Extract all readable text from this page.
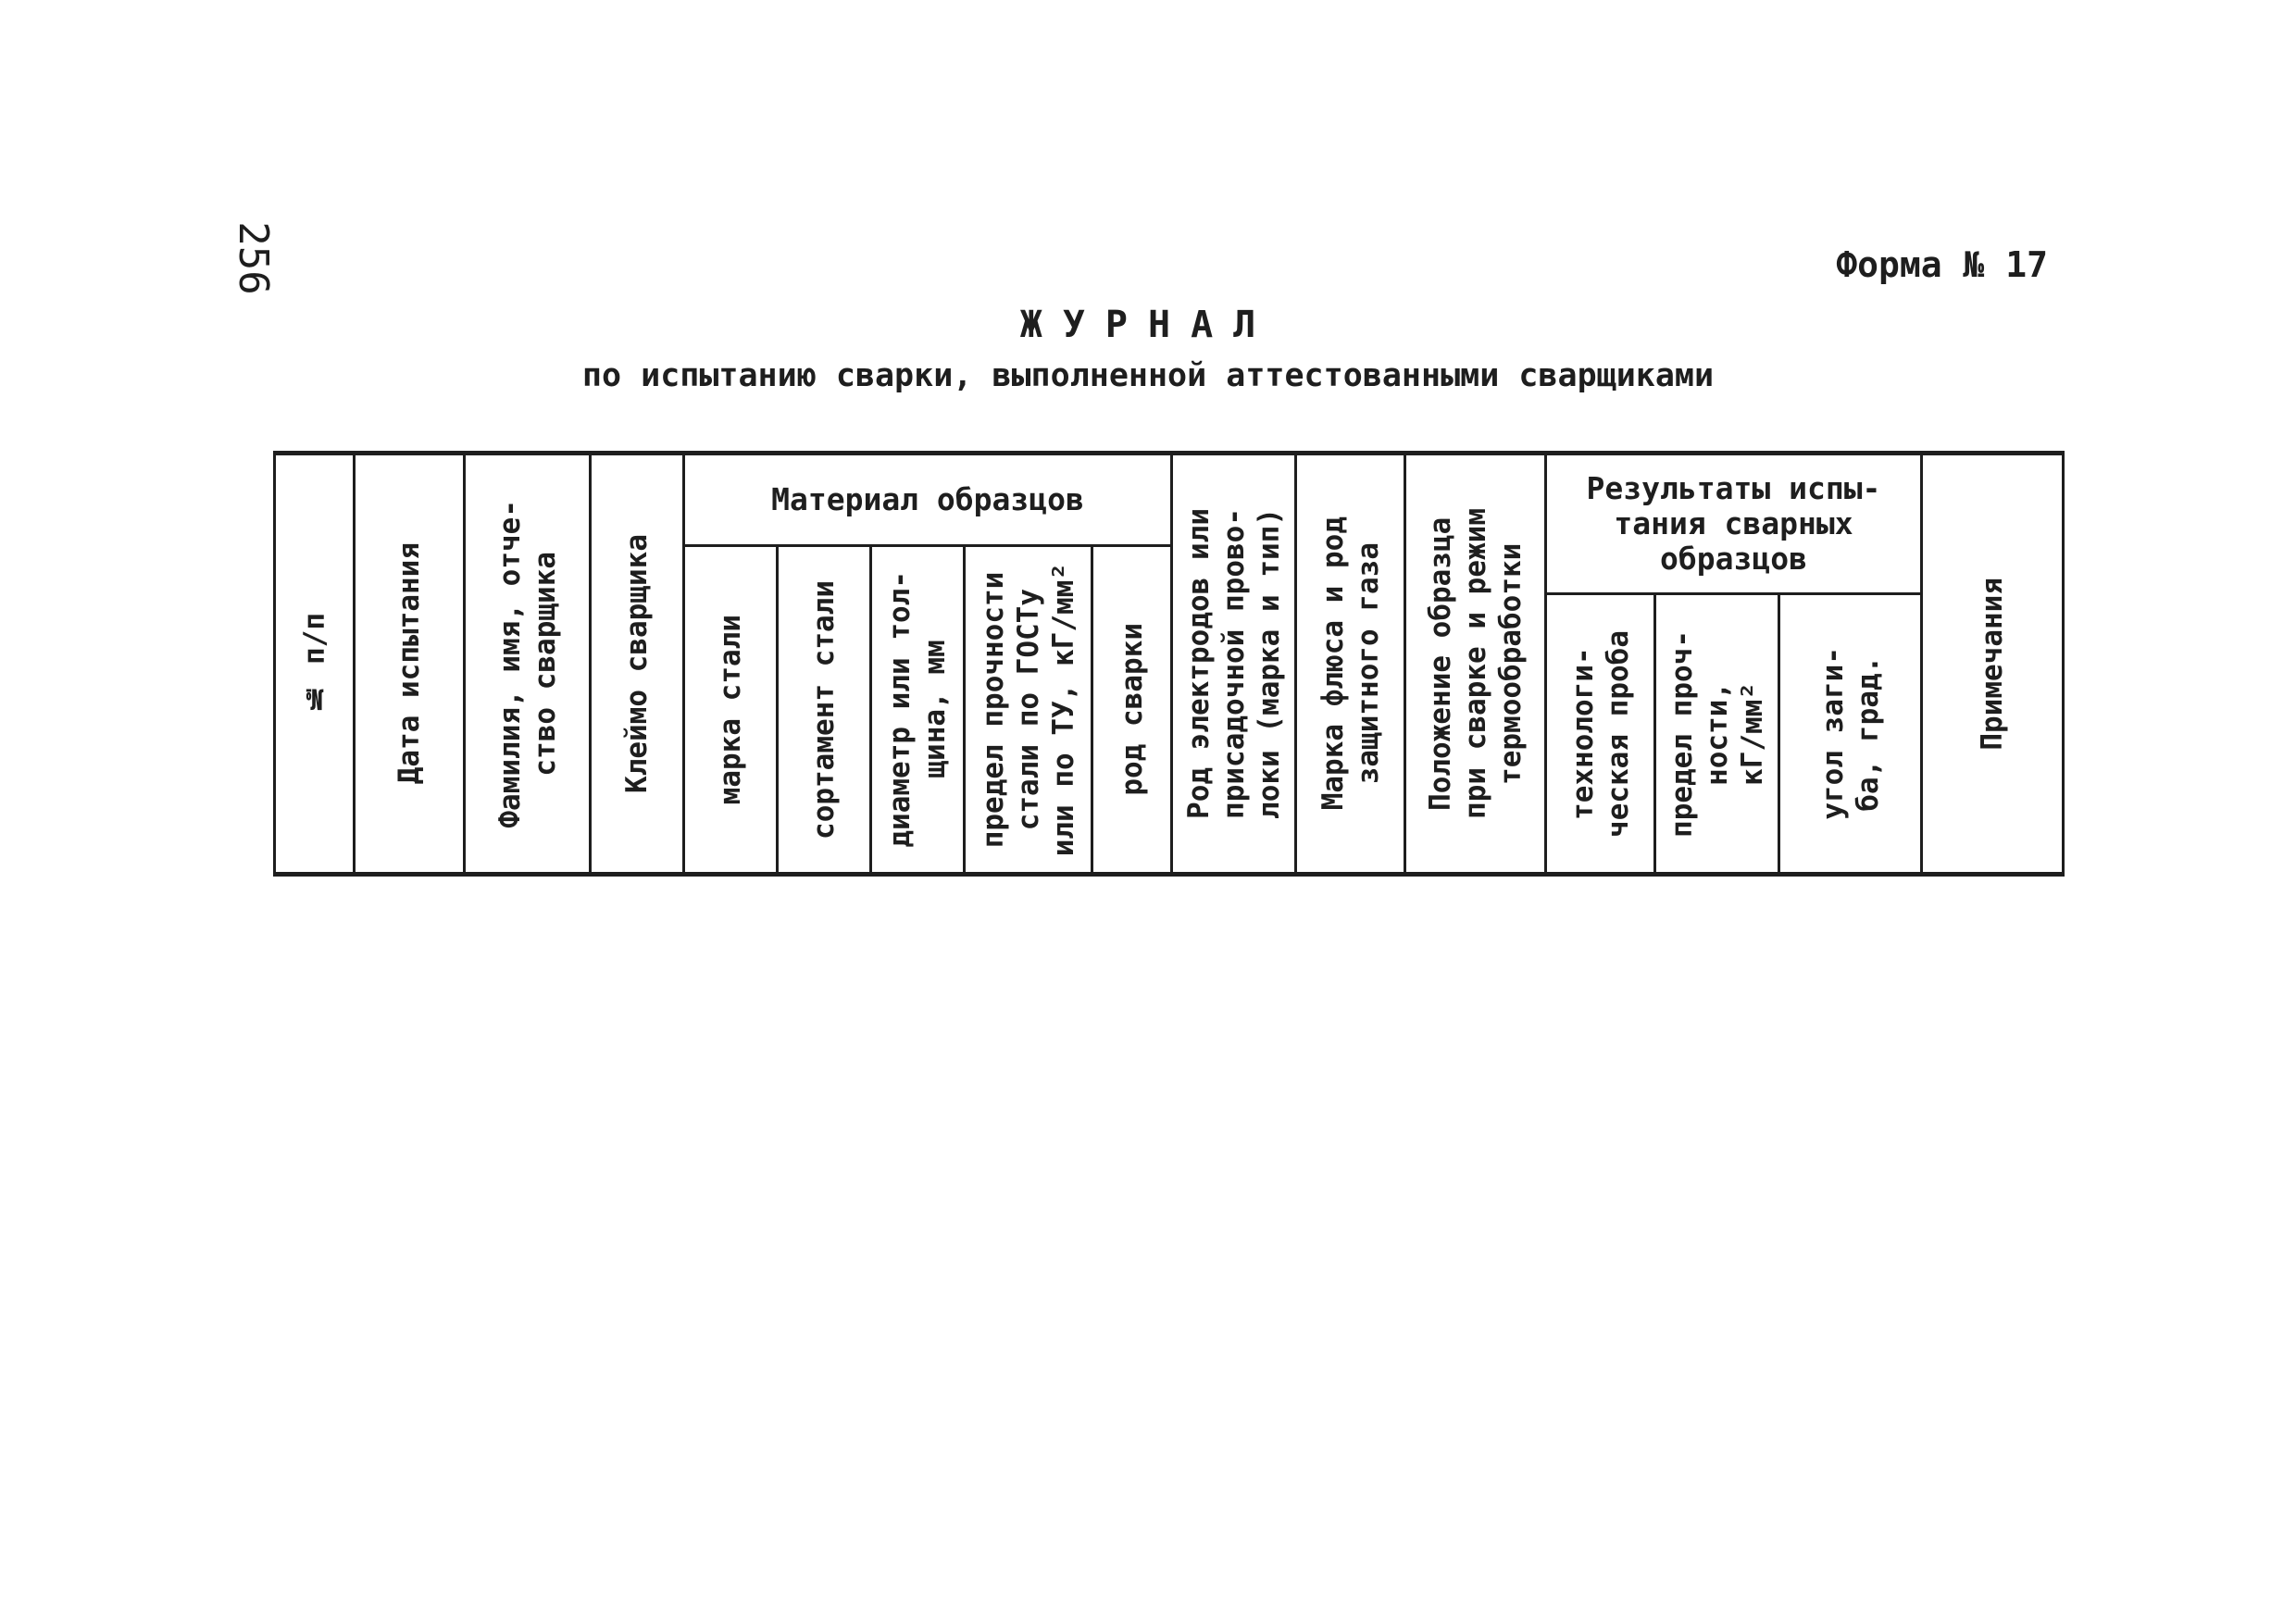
256	Форма № 17
ЖУРНАЛ
по испытанию сварки, выполненной аттестованными сварщиками
№ п/п Дата испытания Фамилия, имя, отче-
ство сварщика Клеймо сварщика
Материал образцов
марка стали сортамент стали диаметр или тол-
щина, мм
предел прочности
стали по ГОСТу
или по ТУ, кГ/мм²
род сварки Род электродов или
присадочной прово-
локи (марка и тип)
Марка флюса и род
защитного газа
Положение образца
при сварке и режим
термообработки
Результаты испы-
тания сварных
образцов
технологи-
ческая проба
предел проч-
ности,
кГ/мм² угол заги-
ба, град.	Примечания
